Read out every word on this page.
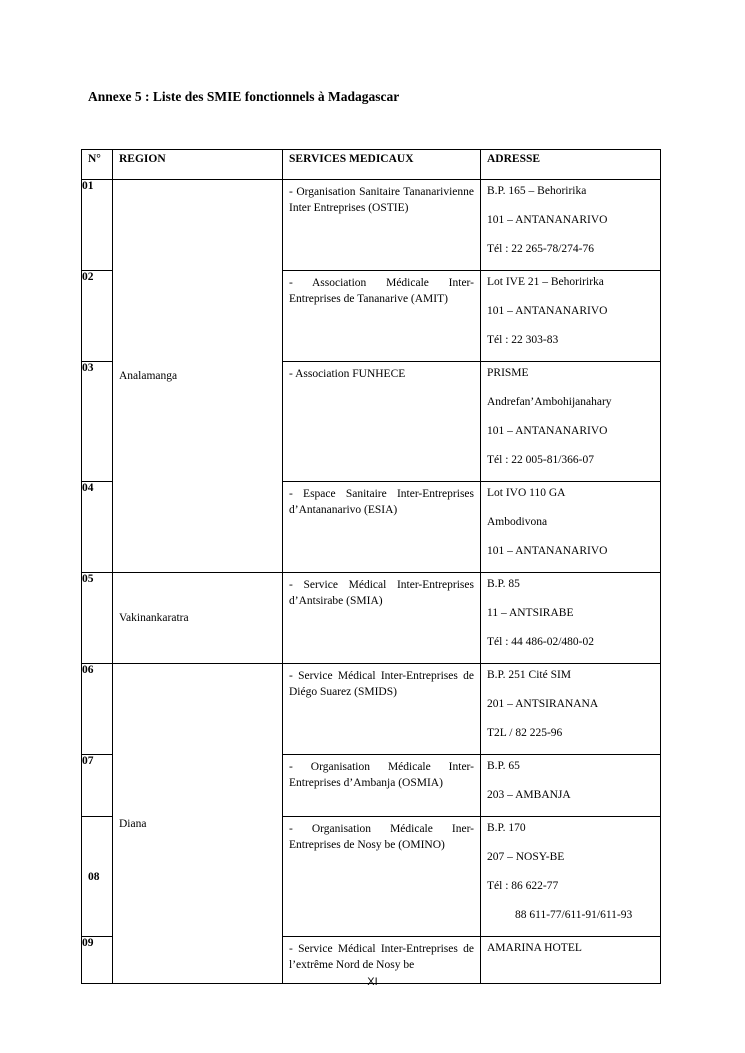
Annexe 5 : Liste des SMIE fonctionnels à Madagascar
N°	REGION	SERVICES MEDICAUX	ADRESSE

01	Analamanga	- Organisation Sanitaire Tananarivienne Inter Entreprises (OSTIE)	B.P. 165 – Behoririka
101 – ANTANANARIVO
Tél : 22 265-78/274-76

02		- Association Médicale Inter-Entreprises de Tananarive (AMIT)	Lot IVE 21 – Behoririrka
101 – ANTANANARIVO
Tél : 22 303-83

03		- Association FUNHECE	PRISME
Andrefan’Ambohijanahary
101 – ANTANANARIVO
Tél : 22 005-81/366-07

04		- Espace Sanitaire Inter-Entreprises d’Antananarivo (ESIA)	Lot IVO 110 GA
Ambodivona
101 – ANTANANARIVO

05	Vakinankaratra	- Service Médical Inter-Entreprises d’Antsirabe (SMIA)	B.P. 85
11 – ANTSIRABE
Tél : 44 486-02/480-02

06	Diana	- Service Médical Inter-Entreprises de Diégo Suarez (SMIDS)	B.P. 251 Cité SIM
201 – ANTSIRANANA
T2L / 82 225-96

07		- Organisation Médicale Inter-Entreprises d’Ambanja (OSMIA)	B.P. 65
203 – AMBANJA

08		- Organisation Médicale Iner-Entreprises de Nosy be (OMINO)	B.P. 170
207 – NOSY-BE
Tél : 86 622-77
88 611-77/611-91/611-93

09		- Service Médical Inter-Entreprises de l’extrême Nord de Nosy be	AMARINA HOTEL
XI
